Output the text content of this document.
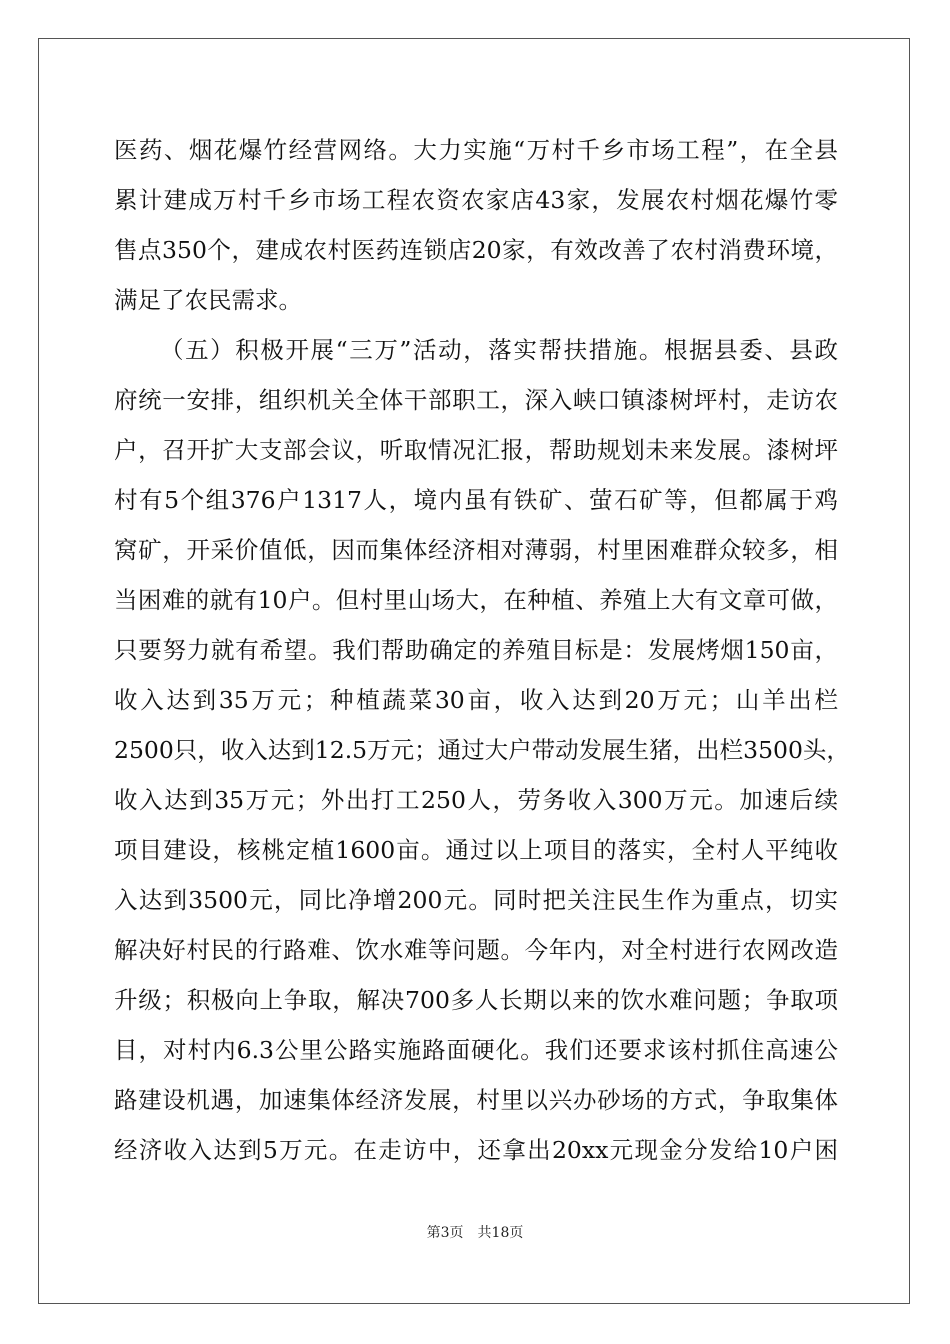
医药、烟花爆竹经营网络。大力实施“万村千乡市场工程”，在全县
累计建成万村千乡市场工程农资农家店43家，发展农村烟花爆竹零
售点350个，建成农村医药连锁店20家，有效改善了农村消费环境，
满足了农民需求。
（五）积极开展“三万”活动，落实帮扶措施。根据县委、县政
府统一安排，组织机关全体干部职工，深入峡口镇漆树坪村，走访农
户，召开扩大支部会议，听取情况汇报，帮助规划未来发展。漆树坪
村有5个组376户1317人，境内虽有铁矿、萤石矿等，但都属于鸡
窝矿，开采价值低，因而集体经济相对薄弱，村里困难群众较多，相
当困难的就有10户。但村里山场大，在种植、养殖上大有文章可做，
只要努力就有希望。我们帮助确定的养殖目标是：发展烤烟150亩，
收入达到35万元；种植蔬菜30亩，收入达到20万元；山羊出栏
2500只，收入达到12.5万元；通过大户带动发展生猪，出栏3500头，
收入达到35万元；外出打工250人，劳务收入300万元。加速后续
项目建设，核桃定植1600亩。通过以上项目的落实，全村人平纯收
入达到3500元，同比净增200元。同时把关注民生作为重点，切实
解决好村民的行路难、饮水难等问题。今年内，对全村进行农网改造
升级；积极向上争取，解决700多人长期以来的饮水难问题；争取项
目，对村内6.3公里公路实施路面硬化。我们还要求该村抓住高速公
路建设机遇，加速集体经济发展，村里以兴办砂场的方式，争取集体
经济收入达到5万元。在走访中，还拿出20xx元现金分发给10户困
第3页　共18页
